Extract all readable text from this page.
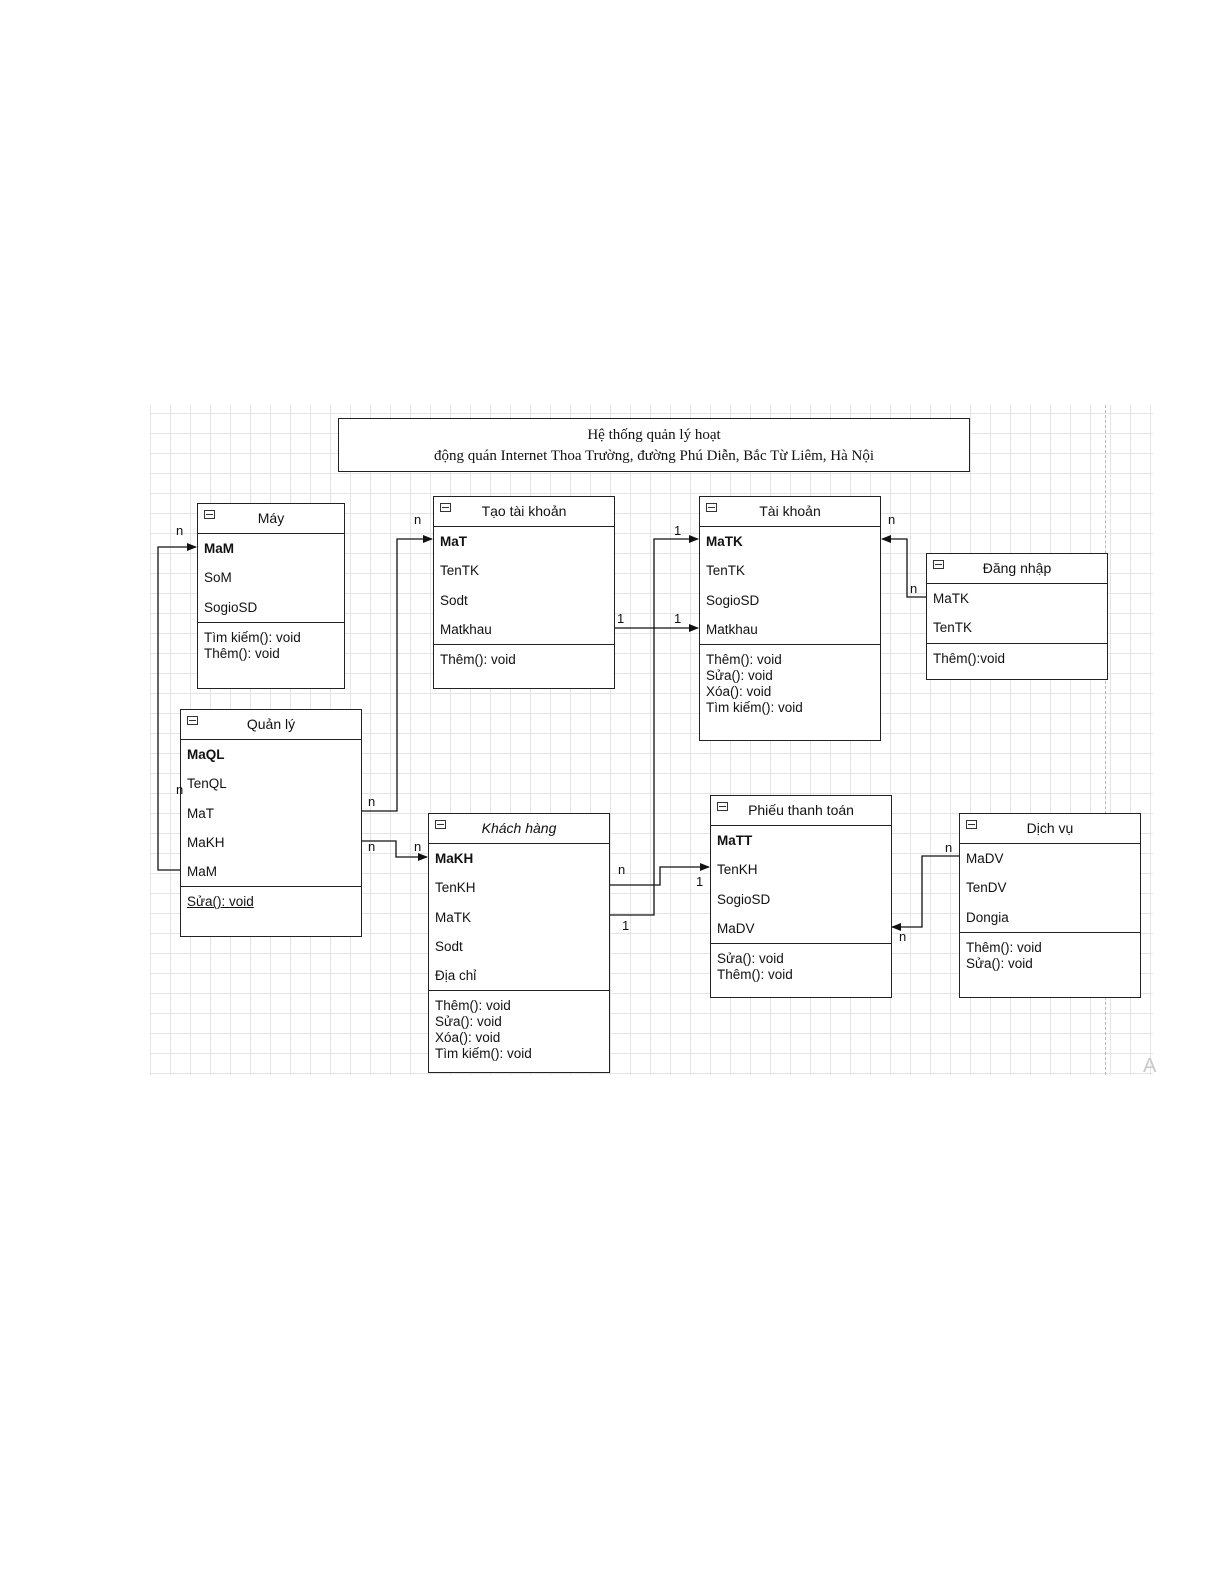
Hệ thống quản lý hoạt
động quán Internet Thoa Trường, đường Phú Diễn, Bắc Từ Liêm, Hà Nội
Máy
MaM
SoM
SogioSD
Tìm kiếm(): void
Thêm(): void
Tạo tài khoản
MaT
TenTK
Sodt
Matkhau
Thêm(): void
Tài khoản
MaTK
TenTK
SogioSD
Matkhau
Thêm(): void
Sửa(): void
Xóa(): void
Tìm kiếm(): void
Đăng nhập
MaTK
TenTK
Thêm():void
Quản lý
MaQL
TenQL
MaT
MaKH
MaM
Sửa(): void
Khách hàng
MaKH
TenKH
MaTK
Sodt
Địa chỉ
Thêm(): void
Sửa(): void
Xóa(): void
Tìm kiếm(): void
Phiếu thanh toán
MaTT
TenKH
SogioSD
MaDV
Sửa(): void
Thêm(): void
Dịch vụ
MaDV
TenDV
Dongia
Thêm(): void
Sửa(): void
n
n
n
n
n	n
1
1
1
n
n
n
1
1
n
n
A
